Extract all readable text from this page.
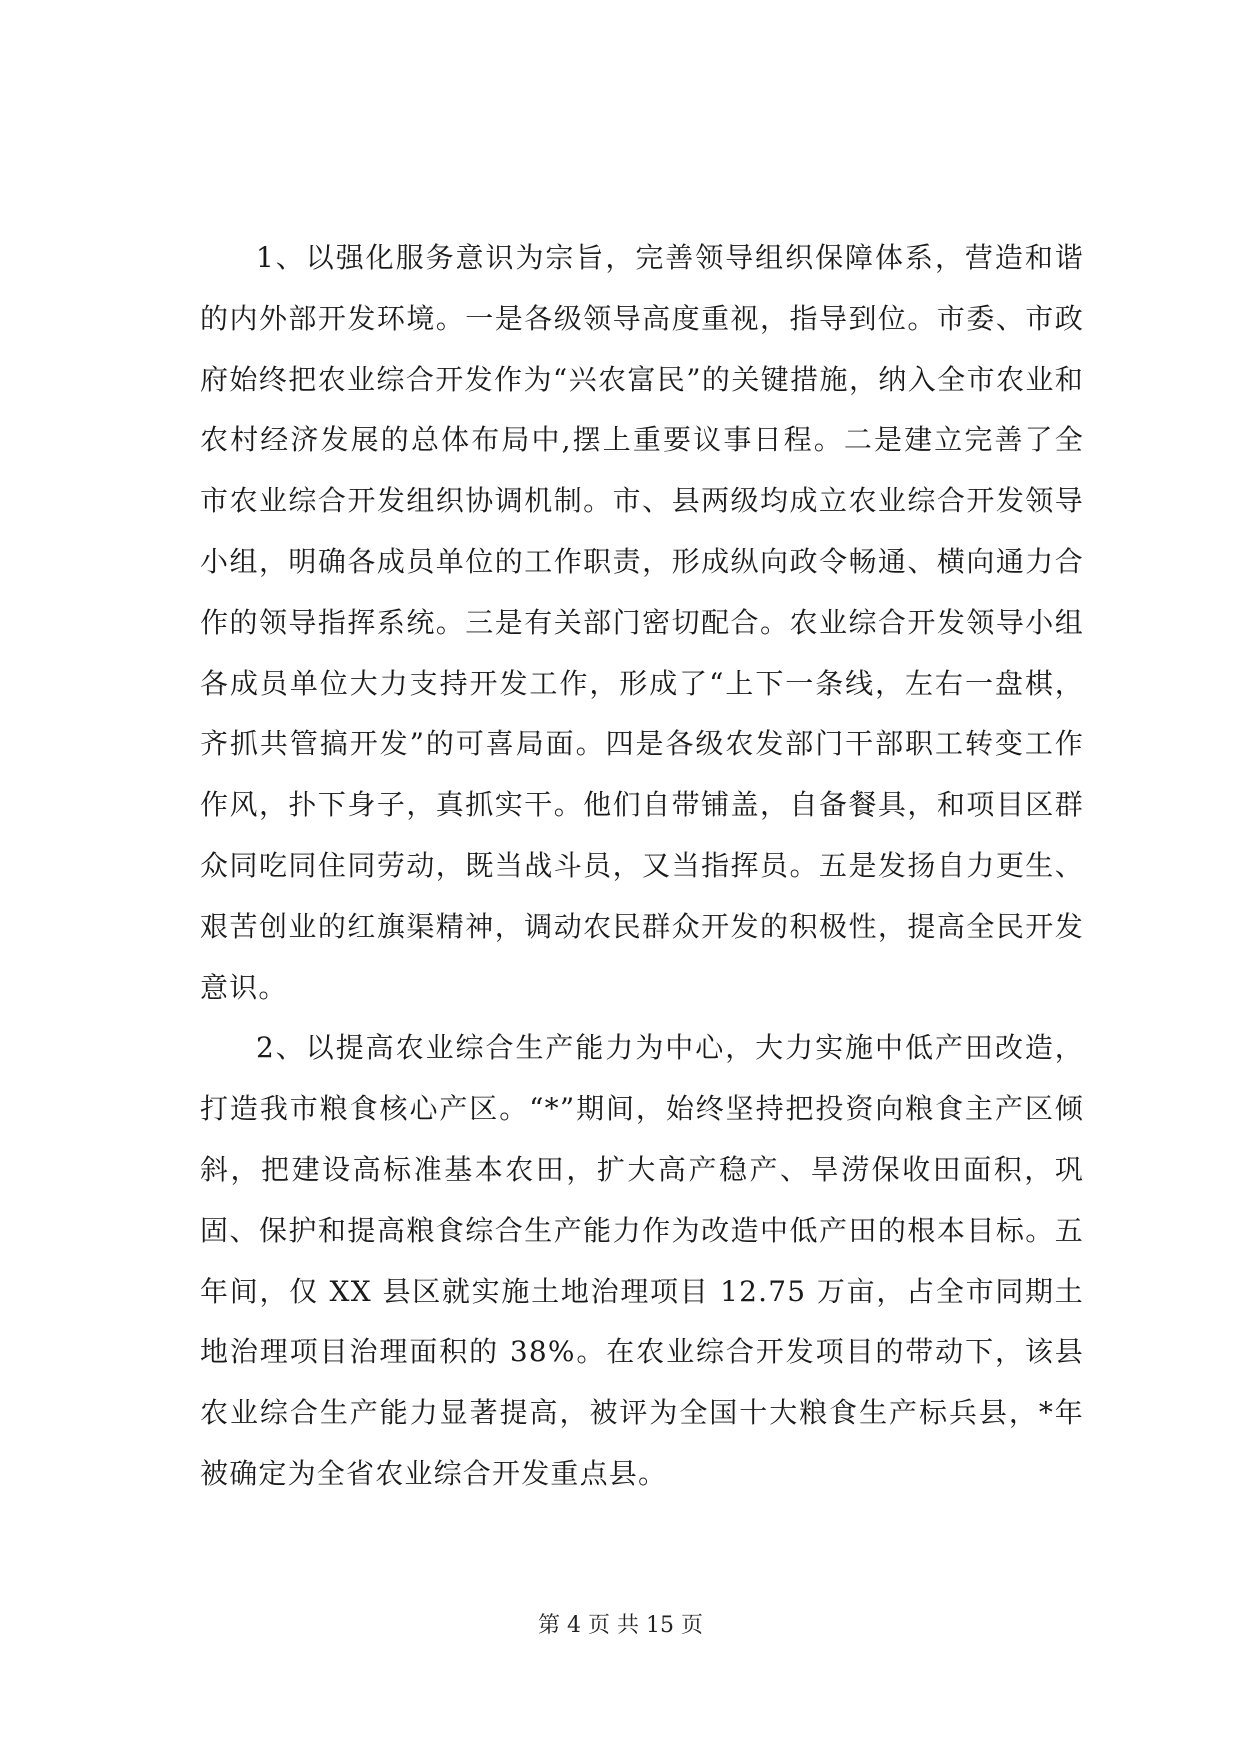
1、以强化服务意识为宗旨，完善领导组织保障体系，营造和谐的内外部开发环境。一是各级领导高度重视，指导到位。市委、市政府始终把农业综合开发作为“兴农富民”的关键措施，纳入全市农业和农村经济发展的总体布局中,摆上重要议事日程。二是建立完善了全市农业综合开发组织协调机制。市、县两级均成立农业综合开发领导小组，明确各成员单位的工作职责，形成纵向政令畅通、横向通力合作的领导指挥系统。三是有关部门密切配合。农业综合开发领导小组各成员单位大力支持开发工作，形成了“上下一条线，左右一盘棋，齐抓共管搞开发”的可喜局面。四是各级农发部门干部职工转变工作作风，扑下身子，真抓实干。他们自带铺盖，自备餐具，和项目区群众同吃同住同劳动，既当战斗员，又当指挥员。五是发扬自力更生、艰苦创业的红旗渠精神，调动农民群众开发的积极性，提高全民开发意识。

2、以提高农业综合生产能力为中心，大力实施中低产田改造，打造我市粮食核心产区。“*”期间，始终坚持把投资向粮食主产区倾斜，把建设高标准基本农田，扩大高产稳产、旱涝保收田面积，巩固、保护和提高粮食综合生产能力作为改造中低产田的根本目标。五年间，仅 XX 县区就实施土地治理项目 12.75 万亩，占全市同期土地治理项目治理面积的 38%。在农业综合开发项目的带动下，该县农业综合生产能力显著提高，被评为全国十大粮食生产标兵县，*年被确定为全省农业综合开发重点县。

第 4 页 共 15 页
